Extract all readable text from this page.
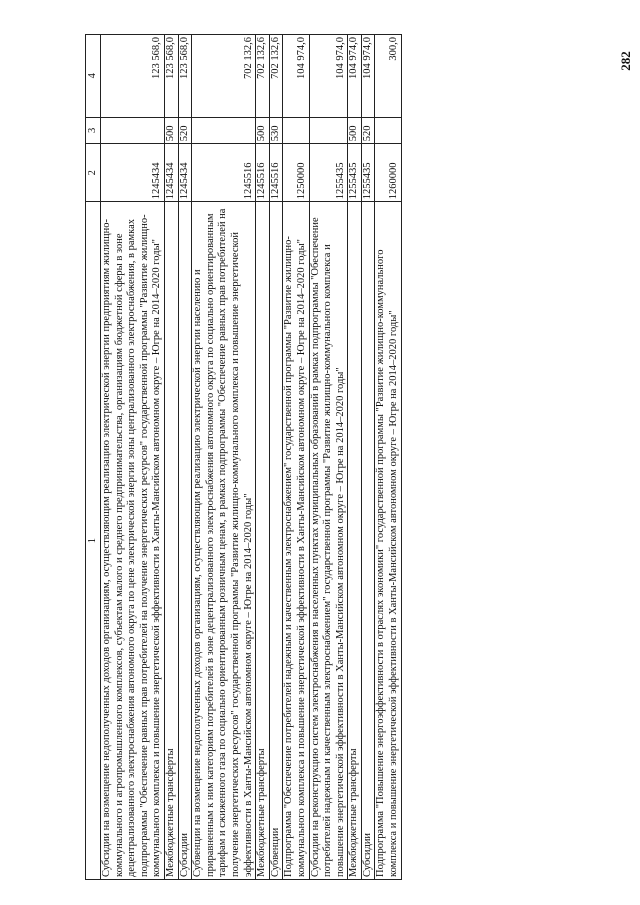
282
1	2	3	4
Субсидии на возмещение недополученных доходов организациям, осуществляющим реализацию электрической энергии предприятиям жилищно-коммунального и агропромышленного комплексов, субъектам малого и среднего предпринимательства, организациям бюджетной сферы в зоне децентрализованного электроснабжения автономного округа по цене электрической энергии зоны централизованного электроснабжения, в рамках подпрограммы "Обеспечение равных прав потребителей на получение энергетических ресурсов" государственной программы "Развитие жилищно-коммунального комплекса и повышение энергетической эффективности в Ханты-Мансийском автономном округе – Югре на 2014–2020 годы"	1245434		123 568,0
Межбюджетные трансферты	1245434	500	123 568,0
Субсидии	1245434	520	123 568,0
Субвенции на возмещение недополученных доходов организациям, осуществляющим реализацию электрической энергии населению и приравненным к ним категориям потребителей в зоне децентрализованного электроснабжения автономного округа по социально ориентированным тарифам и сжиженного газа по социально ориентированным розничным ценам, в рамках подпрограммы "Обеспечение равных прав потребителей на получение энергетических ресурсов" государственной программы "Развитие жилищно-коммунального комплекса и повышение энергетической эффективности в Ханты-Мансийском автономном округе – Югре на 2014–2020 годы"	1245516		702 132,6
Межбюджетные трансферты	1245516	500	702 132,6
Субвенции	1245516	530	702 132,6
Подпрограмма "Обеспечение потребителей надежным и качественным электроснабжением" государственной программы "Развитие жилищно-коммунального комплекса и повышение энергетической эффективности в Ханты-Мансийском автономном округе – Югре на 2014–2020 годы"	1250000		104 974,0
Субсидии на реконструкцию систем электроснабжения в населенных пунктах муниципальных образований в рамках подпрограммы "Обеспечение потребителей надежным и качественным электроснабжением" государственной программы "Развитие жилищно-коммунального комплекса и повышение энергетической эффективности в Ханты-Мансийском автономном округе – Югре на 2014–2020 годы"	1255435		104 974,0
Межбюджетные трансферты	1255435	500	104 974,0
Субсидии	1255435	520	104 974,0
Подпрограмма "Повышение энергоэффективности в отраслях экономики" государственной программы "Развитие жилищно-коммунального комплекса и повышение энергетической эффективности в Ханты-Мансийском автономном округе – Югре на 2014–2020 годы"	1260000		300,0
